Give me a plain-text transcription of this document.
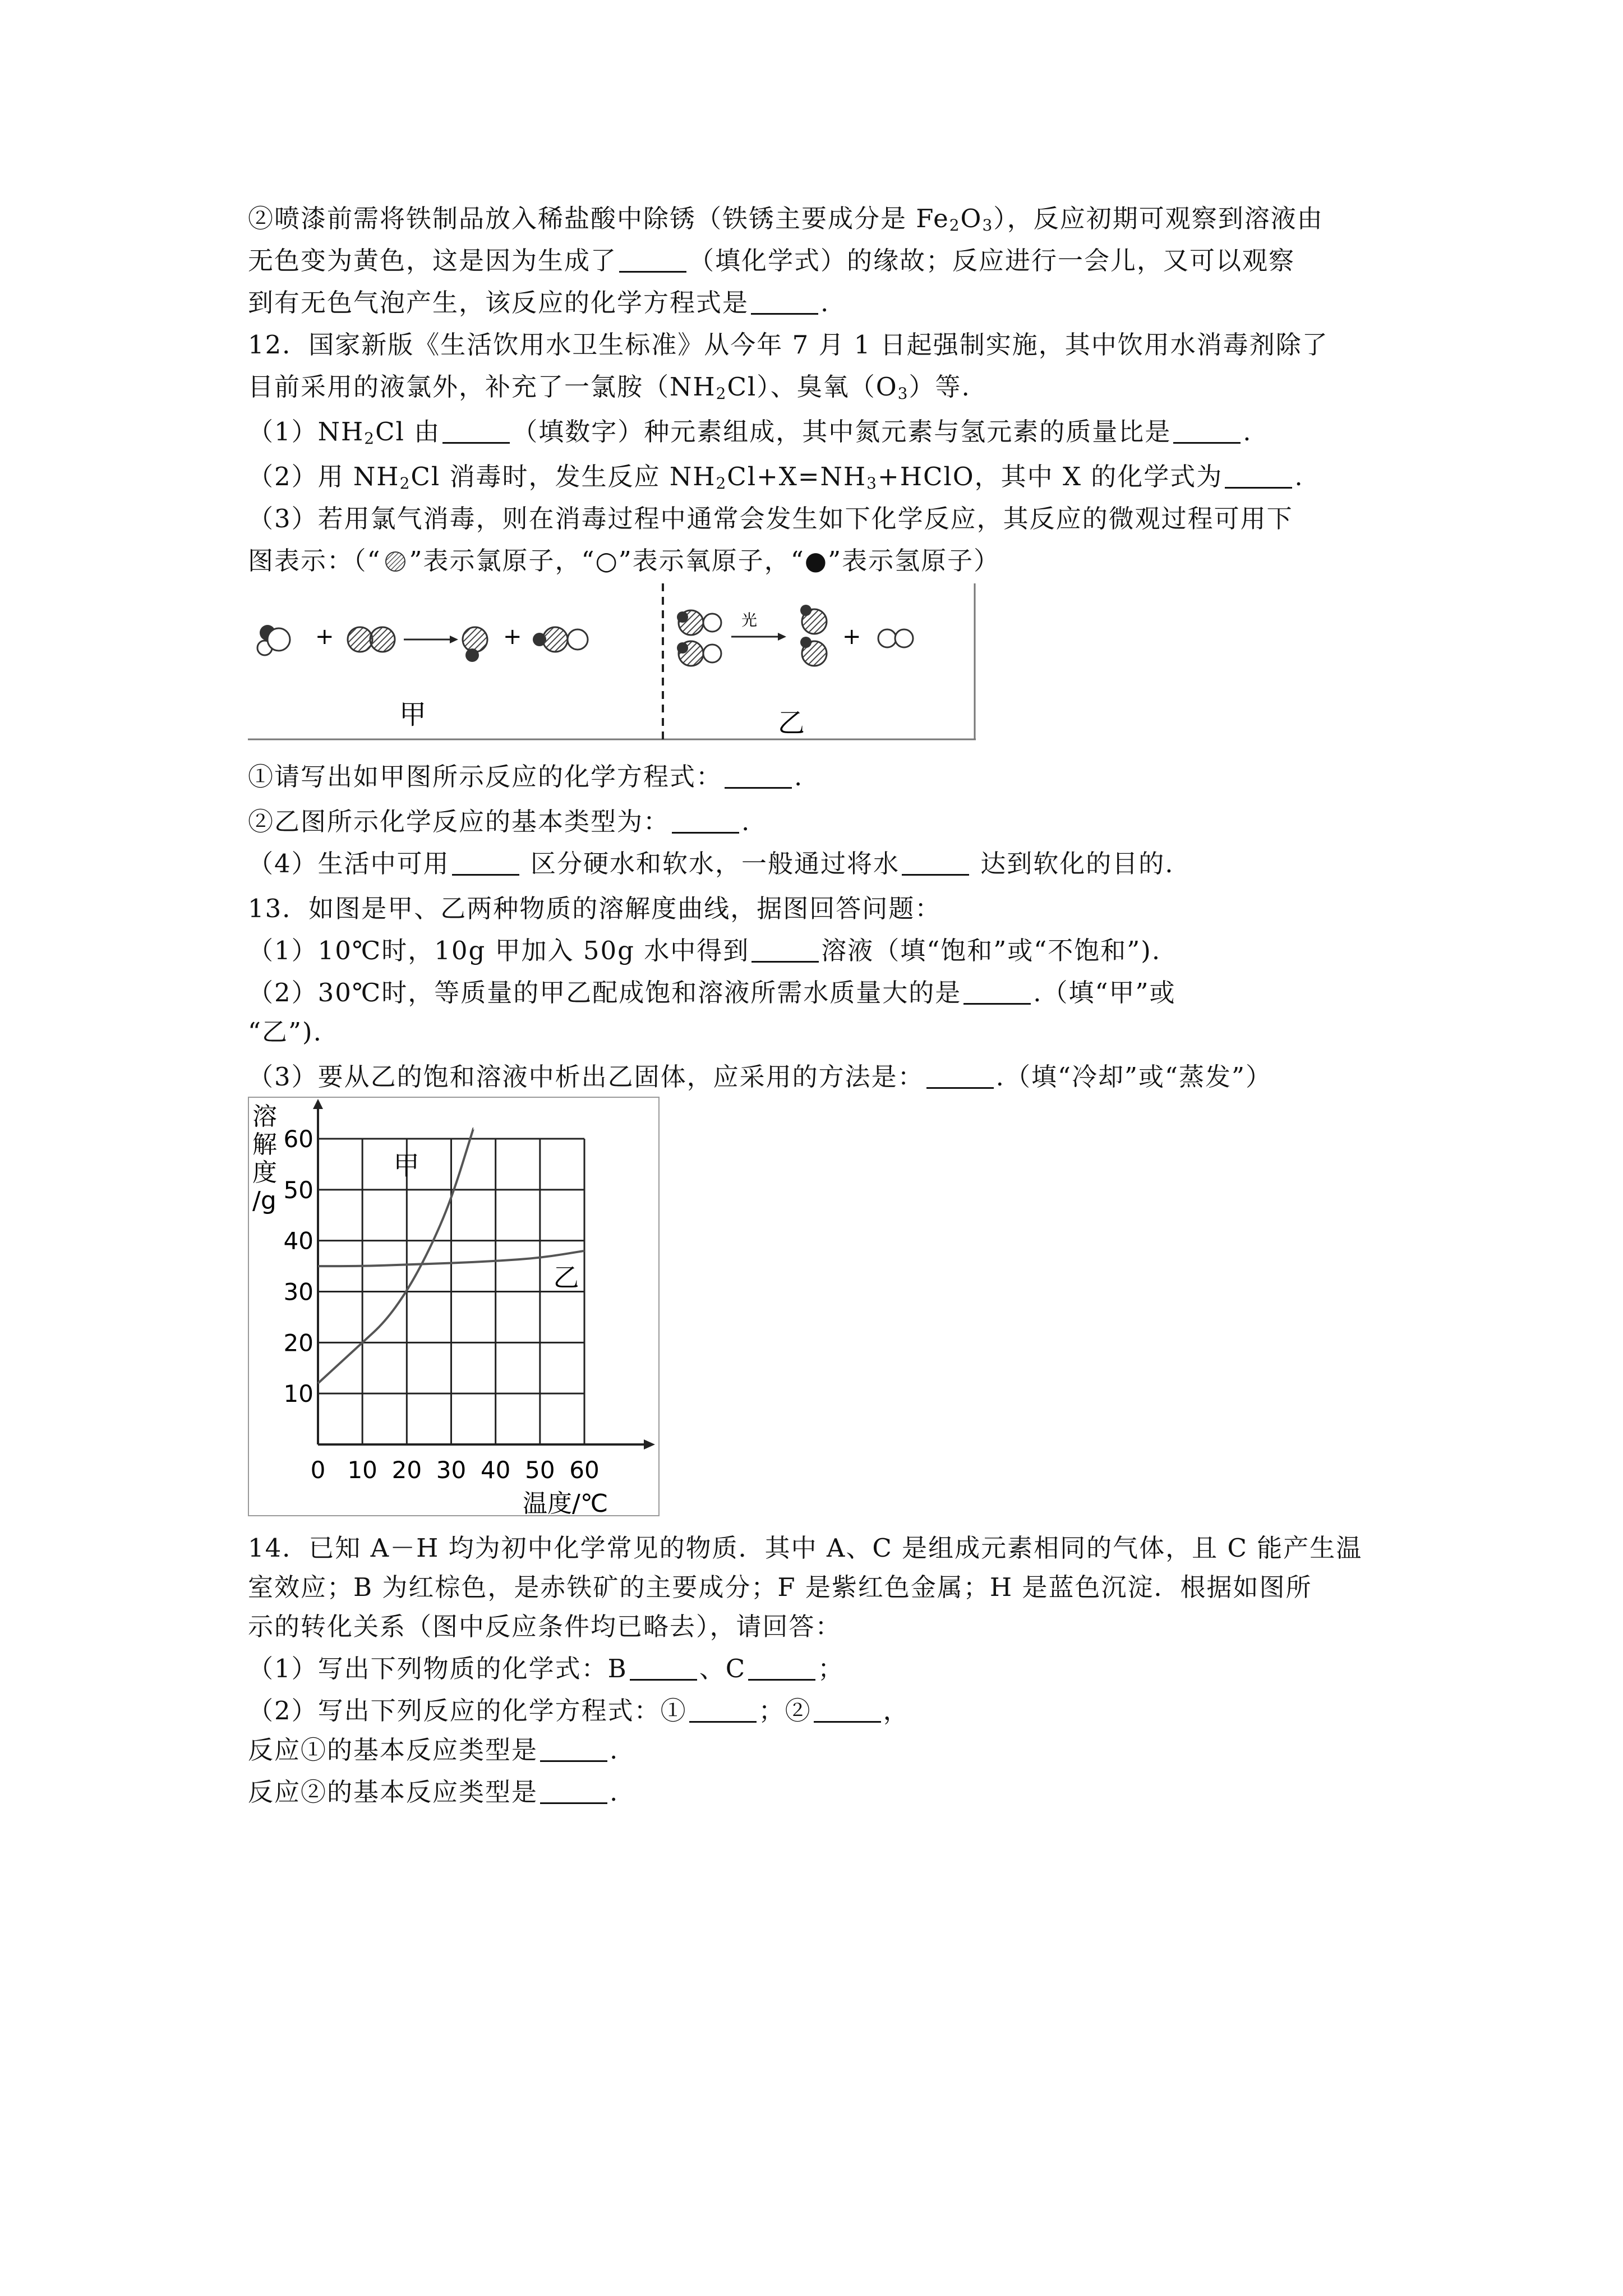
②喷漆前需将铁制品放入稀盐酸中除锈（铁锈主要成分是 $Fe_2O_3$），反应初期可观察到溶液由
无色变为黄色，这是因为生成了	（填化学式）的缘故；反应进行一会儿，又可以观察
到有无色气泡产生，该反应的化学方程式是	.
12．国家新版《生活饮用水卫生标准》从今年 7 月 1 日起强制实施，其中饮用水消毒剂除了
目前采用的液氯外，补充了一氯胺$(NH_2Cl)$、臭氧$(O_3)$等.
$(1)NH_2Cl$ 由	（填数字）种元素组成，其中氮元素与氢元素的质量比是	.
（2）用 $NH_2Cl$ 消毒时，发生反应 $NH_2Cl+X=NH_3+HClO$，其中 X 的化学式为	.
（3）若用氯气消毒，则在消毒过程中通常会发生如下化学反应，其反应的微观过程可用下
图表示：（“ ”表示氯原子，“○”表示氧原子，“●”表示氢原子）
+	+
甲
光
+
乙
①请写出如甲图所示反应的化学方程式：	.
②乙图所示化学反应的基本类型为：	.
（4）生活中可用	区分硬水和软水，一般通过将水	达到软化的目的.
13．如图是甲、乙两种物质的溶解度曲线，据图回答问题：
（1）10℃时，10g 甲加入 50g 水中得到	溶液（填“饱和”或“不饱和”).
（2）30℃时，等质量的甲乙配成饱和溶液所需水质量大的是	.（填“甲”或
“乙”).
（3）要从乙的饱和溶液中析出乙固体，应采用的方法是：	.（填“冷却”或“蒸发”）
0 10 20 30 40 50 60
10
20
30
40
50
60
甲
乙
溶
解
度
/g
温度/℃
14．已知 A－H 均为初中化学常见的物质．其中 A、C 是组成元素相同的气体，且 C 能产生温
室效应；B 为红棕色，是赤铁矿的主要成分；F 是紫红色金属；H 是蓝色沉淀．根据如图所
示的转化关系（图中反应条件均已略去），请回答：
（1）写出下列物质的化学式：B	、C	；
（2）写出下列反应的化学方程式：①	；②	，
反应①的基本反应类型是	.
反应②的基本反应类型是	.
